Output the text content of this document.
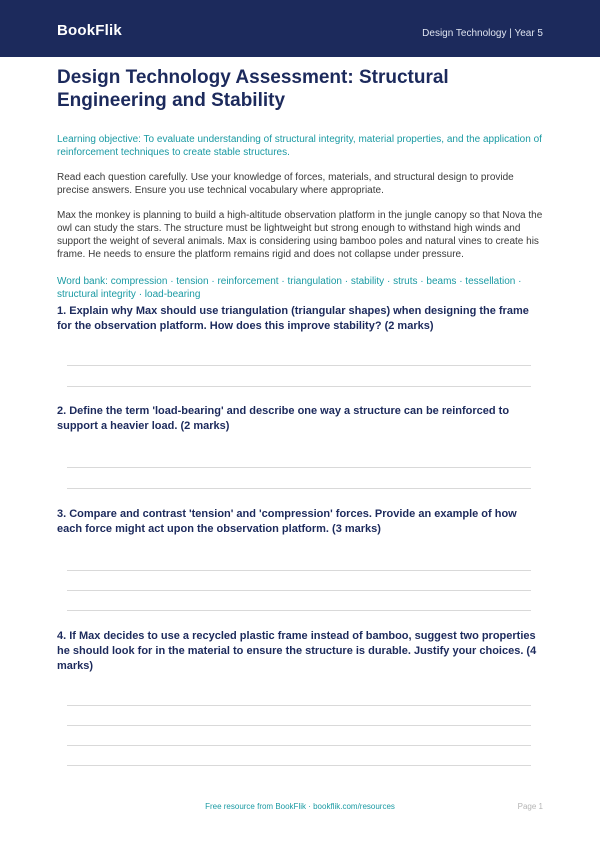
BookFlik	Design Technology | Year 5
Design Technology Assessment: Structural Engineering and Stability

Learning objective: To evaluate understanding of structural integrity, material properties, and the application of reinforcement techniques to create stable structures.

Read each question carefully. Use your knowledge of forces, materials, and structural design to provide precise answers. Ensure you use technical vocabulary where appropriate.

Max the monkey is planning to build a high-altitude observation platform in the jungle canopy so that Nova the owl can study the stars. The structure must be lightweight but strong enough to withstand high winds and support the weight of several animals. Max is considering using bamboo poles and natural vines to create his frame. He needs to ensure the platform remains rigid and does not collapse under pressure.

Word bank: compression · tension · reinforcement · triangulation · stability · struts · beams · tessellation · structural integrity · load-bearing

1. Explain why Max should use triangulation (triangular shapes) when designing the frame for the observation platform. How does this improve stability? (2 marks)
2. Define the term 'load-bearing' and describe one way a structure can be reinforced to support a heavier load. (2 marks)
3. Compare and contrast 'tension' and 'compression' forces. Provide an example of how each force might act upon the observation platform. (3 marks)
4. If Max decides to use a recycled plastic frame instead of bamboo, suggest two properties he should look for in the material to ensure the structure is durable. Justify your choices. (4 marks)
Free resource from BookFlik · bookflik.com/resources	Page 1
